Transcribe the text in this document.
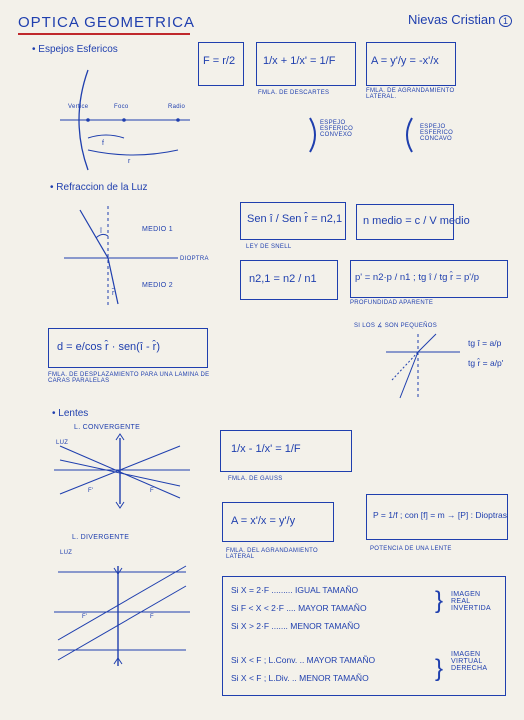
OPTICA GEOMETRICA	Nievas Cristian 1
• Espejos Esfericos
Vertice	Foco	Radio
f
r
F = r/2	1/x + 1/x' = 1/F
FMLA. DE DESCARTES
A = y'/y = -x'/x
FMLA. DE AGRANDAMIENTO LATERAL.
ESPEJO ESFERICO CONVEXO
ESPEJO ESFERICO CONCAVO
• Refraccion de la Luz
î
r̂
MEDIO 1
MEDIO 2
DIOPTRA
Sen î / Sen r̂ = n2,1
LEY DE SNELL
n medio = c / V medio
n2,1 = n2 / n1	p' = n2·p / n1 ; tg î / tg r̂ = p'/p
PROFUNDIDAD APARENTE
SI LOS ∡ SON PEQUEÑOS
tg î = a/p
tg r̂ = a/p'
d = e/cos r̂ · sen(î - r̂)
FMLA. DE DESPLAZAMIENTO PARA UNA LAMINA DE CARAS PARALELAS
• Lentes
L. CONVERGENTE
LUZ
F'	F
L. DIVERGENTE
LUZ
F'	F
1/x - 1/x' = 1/F
FMLA. DE GAUSS
A = x'/x = y'/y
FMLA. DEL AGRANDAMIENTO LATERAL
P = 1/f ; con [f] = m → [P] : Dioptras
POTENCIA DE UNA LENTE
Si X = 2·F ......... IGUAL TAMAÑO
Si F < X < 2·F .... MAYOR TAMAÑO
Si X > 2·F ....... MENOR TAMAÑO
Si X < F ; L.Conv. .. MAYOR TAMAÑO
Si X < F ; L.Div. .. MENOR TAMAÑO
}
}
IMAGEN REAL INVERTIDA
IMAGEN VIRTUAL DERECHA
